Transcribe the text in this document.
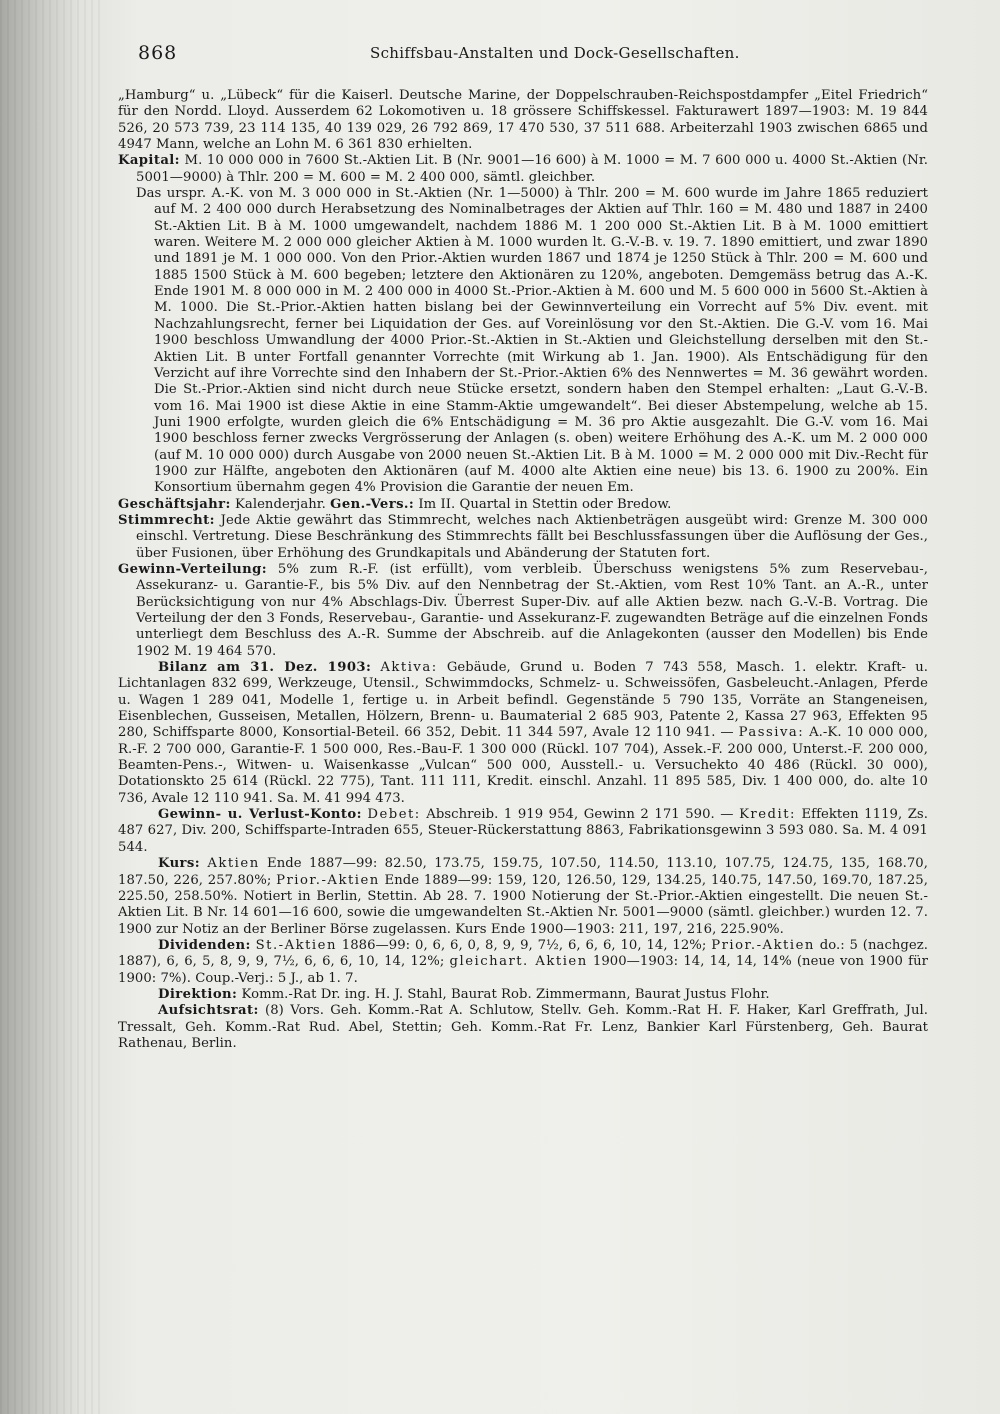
868	Schiffsbau-Anstalten und Dock-Gesellschaften.

„Hamburg“ u. „Lübeck“ für die Kaiserl. Deutsche Marine, der Doppelschrauben-Reichspostdampfer „Eitel Friedrich“ für den Nordd. Lloyd. Ausserdem 62 Lokomotiven u. 18 grössere Schiffskessel. Fakturawert 1897—1903: M. 19 844 526, 20 573 739, 23 114 135, 40 139 029, 26 792 869, 17 470 530, 37 511 688. Arbeiterzahl 1903 zwischen 6865 und 4947 Mann, welche an Lohn M. 6 361 830 erhielten.

Kapital: M. 10 000 000 in 7600 St.-Aktien Lit. B (Nr. 9001—16 600) à M. 1000 = M. 7 600 000 u. 4000 St.-Aktien (Nr. 5001—9000) à Thlr. 200 = M. 600 = M. 2 400 000, sämtl. gleichber.

Das urspr. A.-K. von M. 3 000 000 in St.-Aktien (Nr. 1—5000) à Thlr. 200 = M. 600 wurde im Jahre 1865 reduziert auf M. 2 400 000 durch Herabsetzung des Nominalbetrages der Aktien auf Thlr. 160 = M. 480 und 1887 in 2400 St.-Aktien Lit. B à M. 1000 umgewandelt, nachdem 1886 M. 1 200 000 St.-Aktien Lit. B à M. 1000 emittiert waren. Weitere M. 2 000 000 gleicher Aktien à M. 1000 wurden lt. G.-V.-B. v. 19. 7. 1890 emittiert, und zwar 1890 und 1891 je M. 1 000 000. Von den Prior.-Aktien wurden 1867 und 1874 je 1250 Stück à Thlr. 200 = M. 600 und 1885 1500 Stück à M. 600 begeben; letztere den Aktionären zu 120%, angeboten. Demgemäss betrug das A.-K. Ende 1901 M. 8 000 000 in M. 2 400 000 in 4000 St.-Prior.-Aktien à M. 600 und M. 5 600 000 in 5600 St.-Aktien à M. 1000. Die St.-Prior.-Aktien hatten bislang bei der Gewinnverteilung ein Vorrecht auf 5% Div. event. mit Nachzahlungsrecht, ferner bei Liquidation der Ges. auf Voreinlösung vor den St.-Aktien. Die G.-V. vom 16. Mai 1900 beschloss Umwandlung der 4000 Prior.-St.-Aktien in St.-Aktien und Gleichstellung derselben mit den St.-Aktien Lit. B unter Fortfall genannter Vorrechte (mit Wirkung ab 1. Jan. 1900). Als Entschädigung für den Verzicht auf ihre Vorrechte sind den Inhabern der St.-Prior.-Aktien 6% des Nennwertes = M. 36 gewährt worden. Die St.-Prior.-Aktien sind nicht durch neue Stücke ersetzt, sondern haben den Stempel erhalten: „Laut G.-V.-B. vom 16. Mai 1900 ist diese Aktie in eine Stamm-Aktie umgewandelt“. Bei dieser Abstempelung, welche ab 15. Juni 1900 erfolgte, wurden gleich die 6% Entschädigung = M. 36 pro Aktie ausgezahlt. Die G.-V. vom 16. Mai 1900 beschloss ferner zwecks Vergrösserung der Anlagen (s. oben) weitere Erhöhung des A.-K. um M. 2 000 000 (auf M. 10 000 000) durch Ausgabe von 2000 neuen St.-Aktien Lit. B à M. 1000 = M. 2 000 000 mit Div.-Recht für 1900 zur Hälfte, angeboten den Aktionären (auf M. 4000 alte Aktien eine neue) bis 13. 6. 1900 zu 200%. Ein Konsortium übernahm gegen 4% Provision die Garantie der neuen Em.

Geschäftsjahr: Kalenderjahr. Gen.-Vers.: Im II. Quartal in Stettin oder Bredow.

Stimmrecht: Jede Aktie gewährt das Stimmrecht, welches nach Aktienbeträgen ausgeübt wird: Grenze M. 300 000 einschl. Vertretung. Diese Beschränkung des Stimmrechts fällt bei Beschlussfassungen über die Auflösung der Ges., über Fusionen, über Erhöhung des Grundkapitals und Abänderung der Statuten fort.

Gewinn-Verteilung: 5% zum R.-F. (ist erfüllt), vom verbleib. Überschuss wenigstens 5% zum Reservebau-, Assekuranz- u. Garantie-F., bis 5% Div. auf den Nennbetrag der St.-Aktien, vom Rest 10% Tant. an A.-R., unter Berücksichtigung von nur 4% Abschlags-Div. Überrest Super-Div. auf alle Aktien bezw. nach G.-V.-B. Vortrag. Die Verteilung der den 3 Fonds, Reservebau-, Garantie- und Assekuranz-F. zugewandten Beträge auf die einzelnen Fonds unterliegt dem Beschluss des A.-R. Summe der Abschreib. auf die Anlagekonten (ausser den Modellen) bis Ende 1902 M. 19 464 570.

Bilanz am 31. Dez. 1903: Aktiva: Gebäude, Grund u. Boden 7 743 558, Masch. 1. elektr. Kraft- u. Lichtanlagen 832 699, Werkzeuge, Utensil., Schwimmdocks, Schmelz- u. Schweissöfen, Gasbeleucht.-Anlagen, Pferde u. Wagen 1 289 041, Modelle 1, fertige u. in Arbeit befindl. Gegenstände 5 790 135, Vorräte an Stangeneisen, Eisenblechen, Gusseisen, Metallen, Hölzern, Brenn- u. Baumaterial 2 685 903, Patente 2, Kassa 27 963, Effekten 95 280, Schiffsparte 8000, Konsortial-Beteil. 66 352, Debit. 11 344 597, Avale 12 110 941. — Passiva: A.-K. 10 000 000, R.-F. 2 700 000, Garantie-F. 1 500 000, Res.-Bau-F. 1 300 000 (Rückl. 107 704), Assek.-F. 200 000, Unterst.-F. 200 000, Beamten-Pens.-, Witwen- u. Waisenkasse „Vulcan“ 500 000, Ausstell.- u. Versuchekto 40 486 (Rückl. 30 000), Dotationskto 25 614 (Rückl. 22 775), Tant. 111 111, Kredit. einschl. Anzahl. 11 895 585, Div. 1 400 000, do. alte 10 736, Avale 12 110 941. Sa. M. 41 994 473.

Gewinn- u. Verlust-Konto: Debet: Abschreib. 1 919 954, Gewinn 2 171 590. — Kredit: Effekten 1119, Zs. 487 627, Div. 200, Schiffsparte-Intraden 655, Steuer-Rückerstattung 8863, Fabrikationsgewinn 3 593 080. Sa. M. 4 091 544.

Kurs: Aktien Ende 1887—99: 82.50, 173.75, 159.75, 107.50, 114.50, 113.10, 107.75, 124.75, 135, 168.70, 187.50, 226, 257.80%; Prior.-Aktien Ende 1889—99: 159, 120, 126.50, 129, 134.25, 140.75, 147.50, 169.70, 187.25, 225.50, 258.50%. Notiert in Berlin, Stettin. Ab 28. 7. 1900 Notierung der St.-Prior.-Aktien eingestellt. Die neuen St.-Aktien Lit. B Nr. 14 601—16 600, sowie die umgewandelten St.-Aktien Nr. 5001—9000 (sämtl. gleichber.) wurden 12. 7. 1900 zur Notiz an der Berliner Börse zugelassen. Kurs Ende 1900—1903: 211, 197, 216, 225.90%.

Dividenden: St.-Aktien 1886—99: 0, 6, 6, 0, 8, 9, 9, 7½, 6, 6, 6, 10, 14, 12%; Prior.-Aktien do.: 5 (nachgez. 1887), 6, 6, 5, 8, 9, 9, 7½, 6, 6, 6, 10, 14, 12%; gleichart. Aktien 1900—1903: 14, 14, 14, 14% (neue von 1900 für 1900: 7%). Coup.-Verj.: 5 J., ab 1. 7.

Direktion: Komm.-Rat Dr. ing. H. J. Stahl, Baurat Rob. Zimmermann, Baurat Justus Flohr.

Aufsichtsrat: (8) Vors. Geh. Komm.-Rat A. Schlutow, Stellv. Geh. Komm.-Rat H. F. Haker, Karl Greffrath, Jul. Tressalt, Geh. Komm.-Rat Rud. Abel, Stettin; Geh. Komm.-Rat Fr. Lenz, Bankier Karl Fürstenberg, Geh. Baurat Rathenau, Berlin.
